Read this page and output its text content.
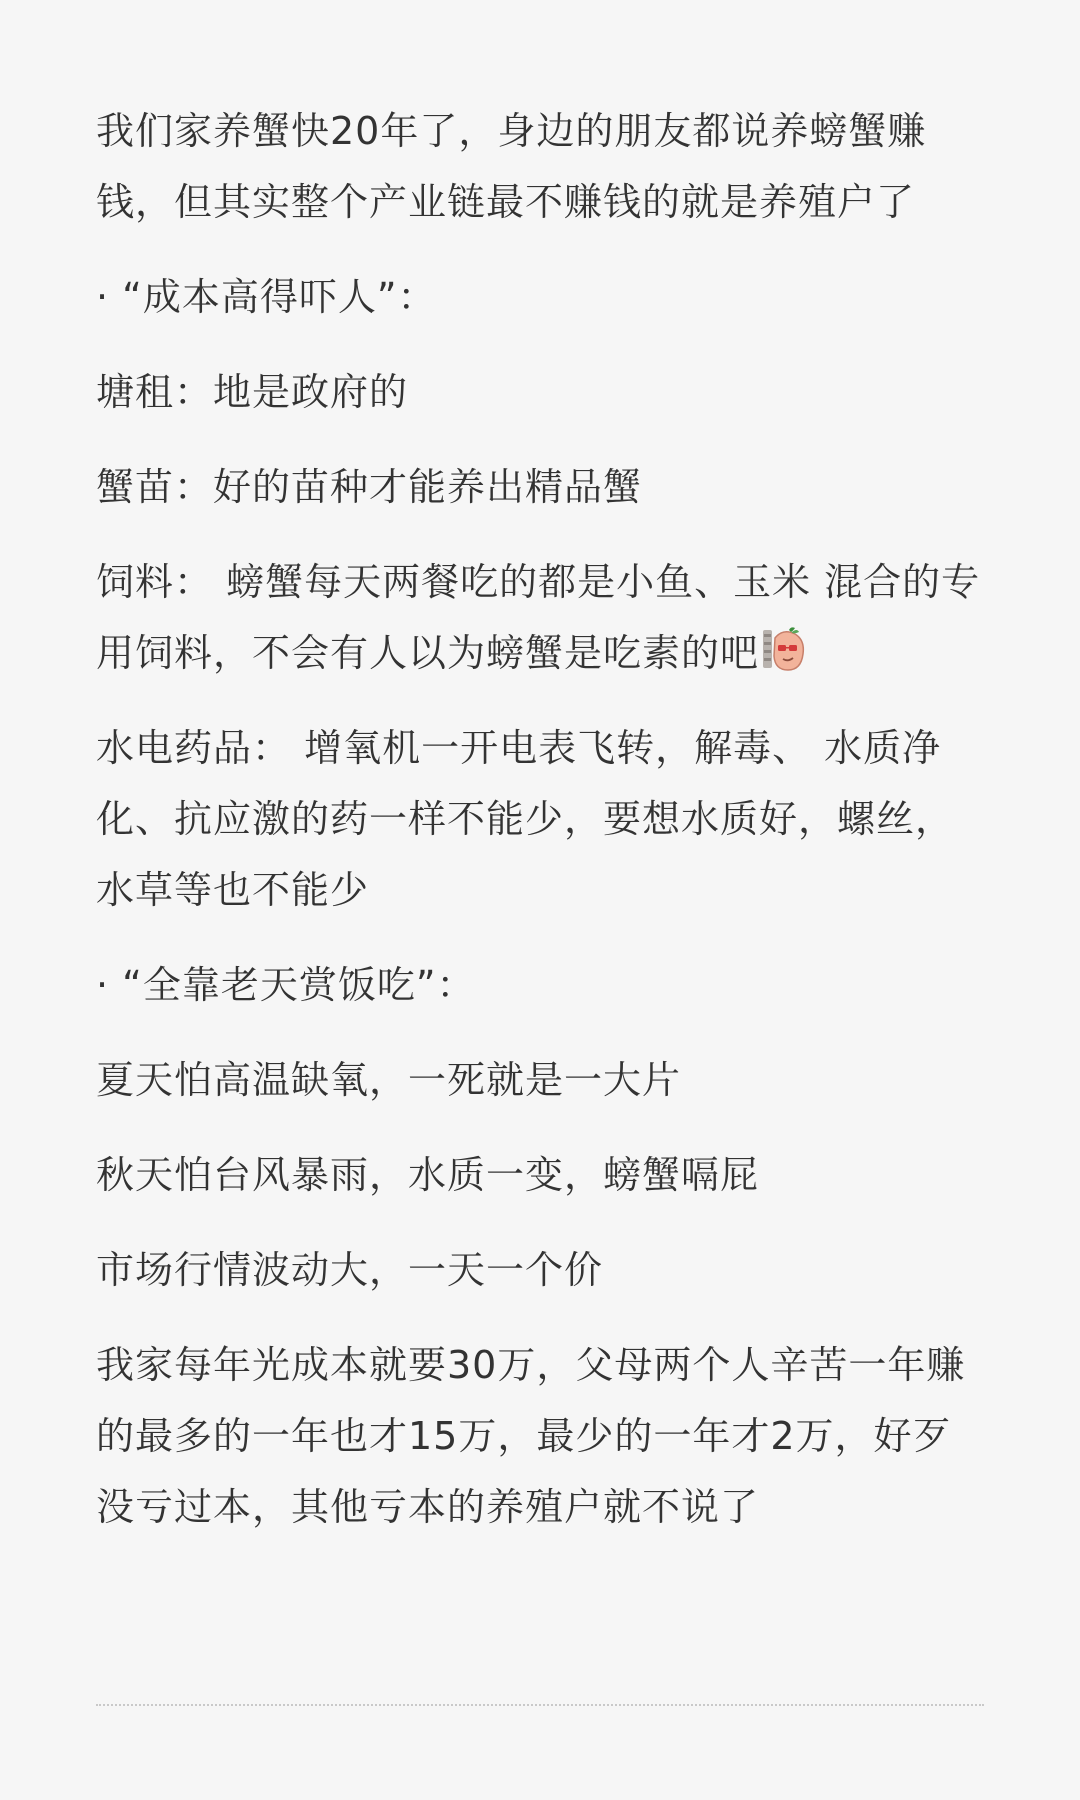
我们家养蟹快20年了，身边的朋友都说养螃蟹赚钱，但其实整个产业链最不赚钱的就是养殖户了

· “成本高得吓人”：

塘租：地是政府的

蟹苗：好的苗种才能养出精品蟹

饲料： 螃蟹每天两餐吃的都是小鱼、玉米 混合的专用饲料，不会有人以为螃蟹是吃素的吧

水电药品： 增氧机一开电表飞转，解毒、 水质净化、抗应激的药一样不能少，要想水质好，螺丝，水草等也不能少

· “全靠老天赏饭吃”：

夏天怕高温缺氧，一死就是一大片

秋天怕台风暴雨，水质一变，螃蟹嗝屁

市场行情波动大，一天一个价

我家每年光成本就要30万，父母两个人辛苦一年赚的最多的一年也才15万，最少的一年才2万，好歹没亏过本，其他亏本的养殖户就不说了
